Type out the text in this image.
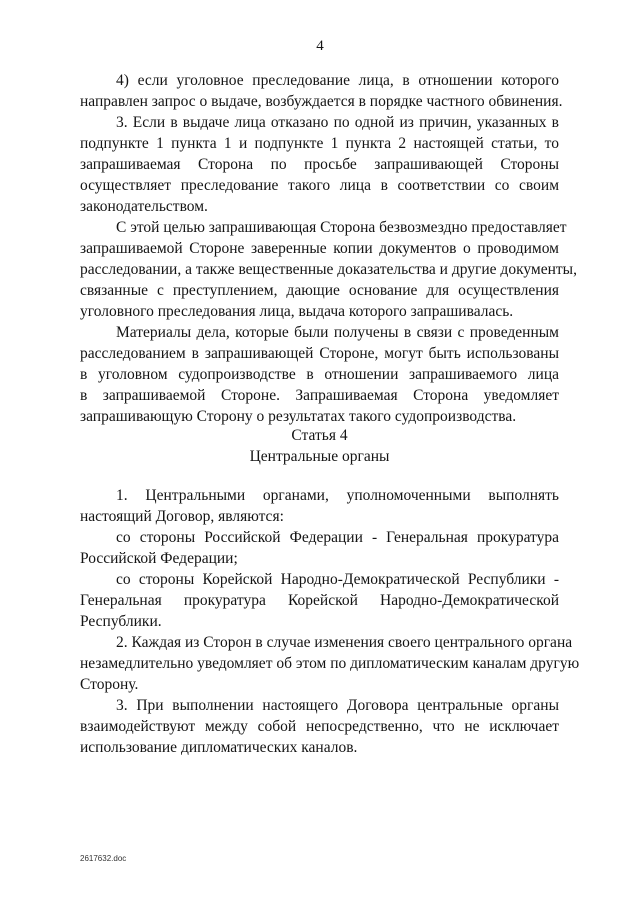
4
4) если уголовное преследование лица, в отношении которого
направлен запрос о выдаче, возбуждается в порядке частного обвинения.
3. Если в выдаче лица отказано по одной из причин, указанных в
подпункте 1 пункта 1 и подпункте 1 пункта 2 настоящей статьи, то
запрашиваемая Сторона по просьбе запрашивающей Стороны
осуществляет преследование такого лица в соответствии со своим
законодательством.
С этой целью запрашивающая Сторона безвозмездно предоставляет
запрашиваемой Стороне заверенные копии документов о проводимом
расследовании, а также вещественные доказательства и другие документы,
связанные с преступлением, дающие основание для осуществления
уголовного преследования лица, выдача которого запрашивалась.
Материалы дела, которые были получены в связи с проведенным
расследованием в запрашивающей Стороне, могут быть использованы
в уголовном судопроизводстве в отношении запрашиваемого лица
в запрашиваемой Стороне. Запрашиваемая Сторона уведомляет
запрашивающую Сторону о результатах такого судопроизводства.
Статья 4
Центральные органы
1. Центральными органами, уполномоченными выполнять
настоящий Договор, являются:
со стороны Российской Федерации - Генеральная прокуратура
Российской Федерации;
со стороны Корейской Народно-Демократической Республики -
Генеральная прокуратура Корейской Народно-Демократической
Республики.
2. Каждая из Сторон в случае изменения своего центрального органа
незамедлительно уведомляет об этом по дипломатическим каналам другую
Сторону.
3. При выполнении настоящего Договора центральные органы
взаимодействуют между собой непосредственно, что не исключает
использование дипломатических каналов.
2617632.doc
